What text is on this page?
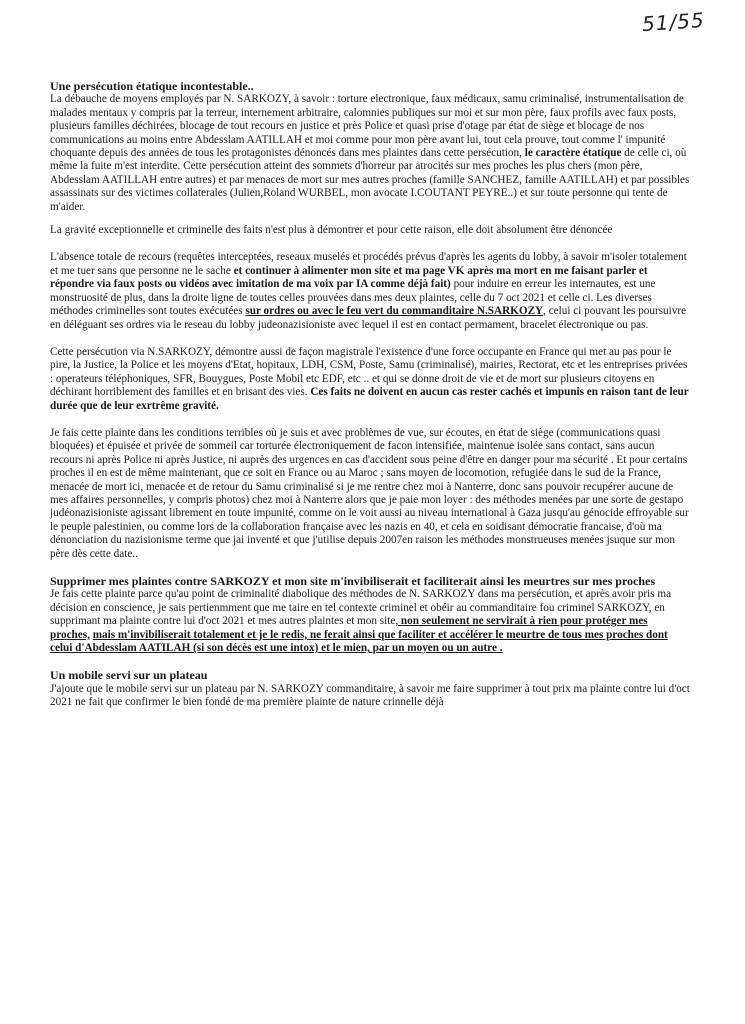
51/55

Une persécution étatique incontestable..

La débauche de moyens employés par N. SARKOZY, à savoir : torture electronique, faux médicaux, samu criminalisé, instrumentalisation de malades mentaux y compris par la terreur, internement arbitraire, calomnies publiques sur moi et sur mon père, faux profils avec faux posts, plusieurs familles déchirées, blocage de tout recours en justice et près Police et quasi prise d'otage par état de siège et blocage de nos communications au moins entre Abdesslam AATILLAH et moi comme pour mon père avant lui, tout cela prouve, tout comme l' impunité choquante depuis des années de tous les protagonistes dénoncés dans mes plaintes dans cette persécution, le caractère étatique de celle ci, où même la fuite m'est interdite. Cette persécution atteint des sommets d'horreur par atrocités sur mes proches les plus chers (mon père, Abdesslam AATILLAH entre autres) et par menaces de mort sur mes autres proches (famille SANCHEZ, famille AATILLAH) et par possibles assassinats sur des victimes collaterales (Julien,Roland WURBEL, mon avocate I.COUTANT PEYRE..) et sur toute personne qui tente de m'aider.

La gravité exceptionnelle et criminelle des faits n'est plus à démontrer et pour cette raison, elle doit absolument être dénoncée

L'absence totale de recours (requêtes interceptées, reseaux muselés et procédés prévus d'après les agents du lobby, à savoir m'isoler totalement et me tuer sans que personne ne le sache et continuer à alimenter mon site et ma page VK après ma mort en me faisant parler et répondre via faux posts ou vidéos avec imitation de ma voix par IA comme déjà fait) pour induire en erreur les internautes, est une monstruosité de plus, dans la droite ligne de toutes celles prouvées dans mes deux plaintes, celle du 7 oct 2021 et celle ci. Les diverses méthodes criminelles sont toutes exécutées sur ordres ou avec le feu vert du commanditaire N.SARKOZY, celui ci pouvant les poursuivre en déléguant ses ordres via le reseau du lobby judeonazisioniste avec lequel il est en contact permament, bracelet électronique ou pas.

Cette persécution via N.SARKOZY, démontre aussi de façon magistrale l'existence d'une force occupante en France qui met au pas pour le pire, la Justice, la Police et les moyens d'Etat, hopitaux, LDH, CSM, Poste, Samu (criminalisé), mairies, Rectorat, etc et les entreprises privées : operateurs téléphoniques, SFR, Bouygues, Poste Mobil etc EDF, etc .. et qui se donne droit de vie et de mort sur plusieurs citoyens en déchirant horriblement des familles et en brisant des vies. Ces faits ne doivent en aucun cas rester cachés et impunis en raison tant de leur durée que de leur exrtrême gravité.

Je fais cette plainte dans les conditions terribles où je suis et avec problèmes de vue, sur écoutes, en état de siège (communications quasi bloquées) et épuisée et privée de sommeil car torturée électroniquement de facon intensifiée, maintenue isolée sans contact, sans aucun recours ni après Police ni après Justice, ni auprès des urgences en cas d'accident sous peine d'être en danger pour ma sécurité . Et pour certains proches il en est de même maintenant, que ce soit en France ou au Maroc ; sans moyen de locomotion, refugiée dans le sud de la France, menacée de mort ici, menacée et de retour du Samu criminalisé si je me rentre chez moi à Nanterre, donc sans pouvoir recupérer aucune de mes affaires personnelles, y compris photos) chez moi à Nanterre alors que je paie mon loyer : des méthodes menées par une sorte de gestapo judéonazisioniste agissant librement en toute impunité, comme on le voit aussi au niveau international à Gaza jusqu'au génocide effroyable sur le peuple palestinien, ou comme lors de la collaboration française avec les nazis en 40, et cela en soidisant démocratie francaise, d'où ma dénonciation du nazisionisme terme que jai inventé et que j'utilise depuis 2007en raison les méthodes monstrueuses menées jsuque sur mon père dès cette date..

Supprimer mes plaintes contre SARKOZY et mon site m'invibiliserait et faciliterait ainsi les meurtres sur mes proches

Je fais cette plainte parce qu'au point de criminalité diabolique des méthodes de N. SARKOZY dans ma persécution, et après avoir pris ma décision en conscience, je sais pertienmment que me taire en tel contexte criminel et obéir au commanditaire fou criminel SARKOZY, en supprimant ma plainte contre lui d'oct 2021 et mes autres plaintes et mon site, non seulement ne servirait à rien pour protéger mes proches, mais m'invibiliserait totalement et je le redis, ne ferait ainsi que faciliter et accélérer le meurtre de tous mes proches dont celui d'Abdesslam AATILAH (si son décès est une intox) et le mien, par un moyen ou un autre .

Un mobile servi sur un plateau

J'ajoute que le mobile servi sur un plateau par N. SARKOZY commanditaire, à savoir me faire supprimer à tout prix ma plainte contre lui d'oct 2021 ne fait que confirmer le bien fondé de ma première plainte de nature crinnelle déjà
